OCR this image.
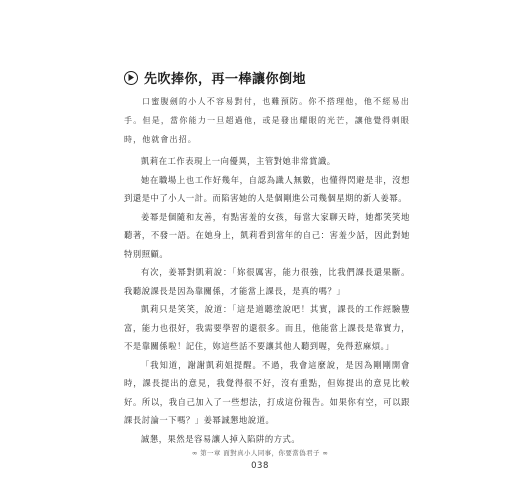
先吹捧你，再一棒讓你倒地

口蜜腹劍的小人不容易對付，也難預防。你不搭理他，他不經易出手。但是，當你能力一旦超過他，或是發出耀眼的光芒，讓他覺得刺眼時，他就會出招。

凱莉在工作表現上一向優異，主管對她非常賞識。

她在職場上也工作好幾年，自認為識人無數，也懂得閃避是非，沒想到還是中了小人一計。而陷害她的人是個剛進公司幾個星期的新人姜幂。

姜幂是個隨和友善，有點害羞的女孩，每當大家聊天時，她都笑笑地聽著，不發一語。在她身上，凱莉看到當年的自己：害羞少話，因此對她特別照顧。

有次，姜幂對凱莉說：「妳很厲害，能力很強，比我們課長還果斷。我聽說課長是因為靠關係，才能當上課長，是真的嗎？」

凱莉只是笑笑，說道：「這是道聽塗說吧！其實，課長的工作經驗豐富，能力也很好，我需要學習的還很多。而且，他能當上課長是靠實力，不是靠關係啦！記住，妳這些話不要讓其他人聽到喔，免得惹麻煩。」

「我知道，謝謝凱莉姐提醒。不過，我會這麼說，是因為剛剛開會時，課長提出的意見，我覺得很不好，沒有重點，但妳提出的意見比較好。所以，我自己加入了一些想法，打成這份報告。如果你有空，可以跟課長討論一下嗎？」姜幂誠懇地說道。

誠懇，果然是容易讓人掉入陷阱的方式。

∞ 第一章 面對真小人同事，你要當偽君子 ∞
038
